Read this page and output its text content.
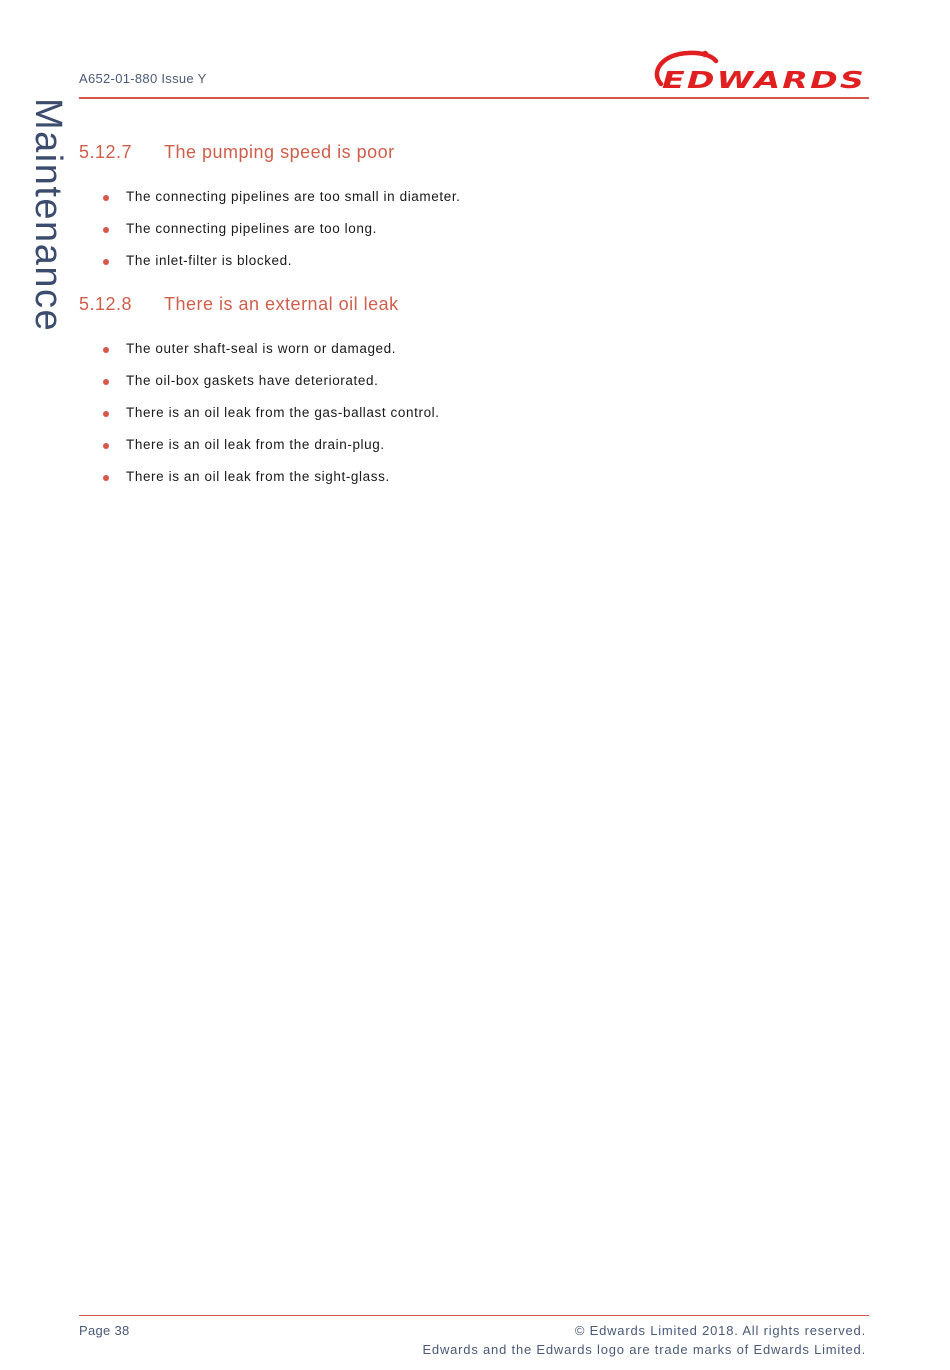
A652-01-880 Issue Y	EDWARDS
Maintenance 5.12.7 The pumping speed is poor
The connecting pipelines are too small in diameter.
The connecting pipelines are too long.
The inlet-filter is blocked.
5.12.8 There is an external oil leak
The outer shaft-seal is worn or damaged.
The oil-box gaskets have deteriorated.
There is an oil leak from the gas-ballast control.
There is an oil leak from the drain-plug.
There is an oil leak from the sight-glass.
Page 38	© Edwards Limited 2018. All rights reserved.
Edwards and the Edwards logo are trade marks of Edwards Limited.
